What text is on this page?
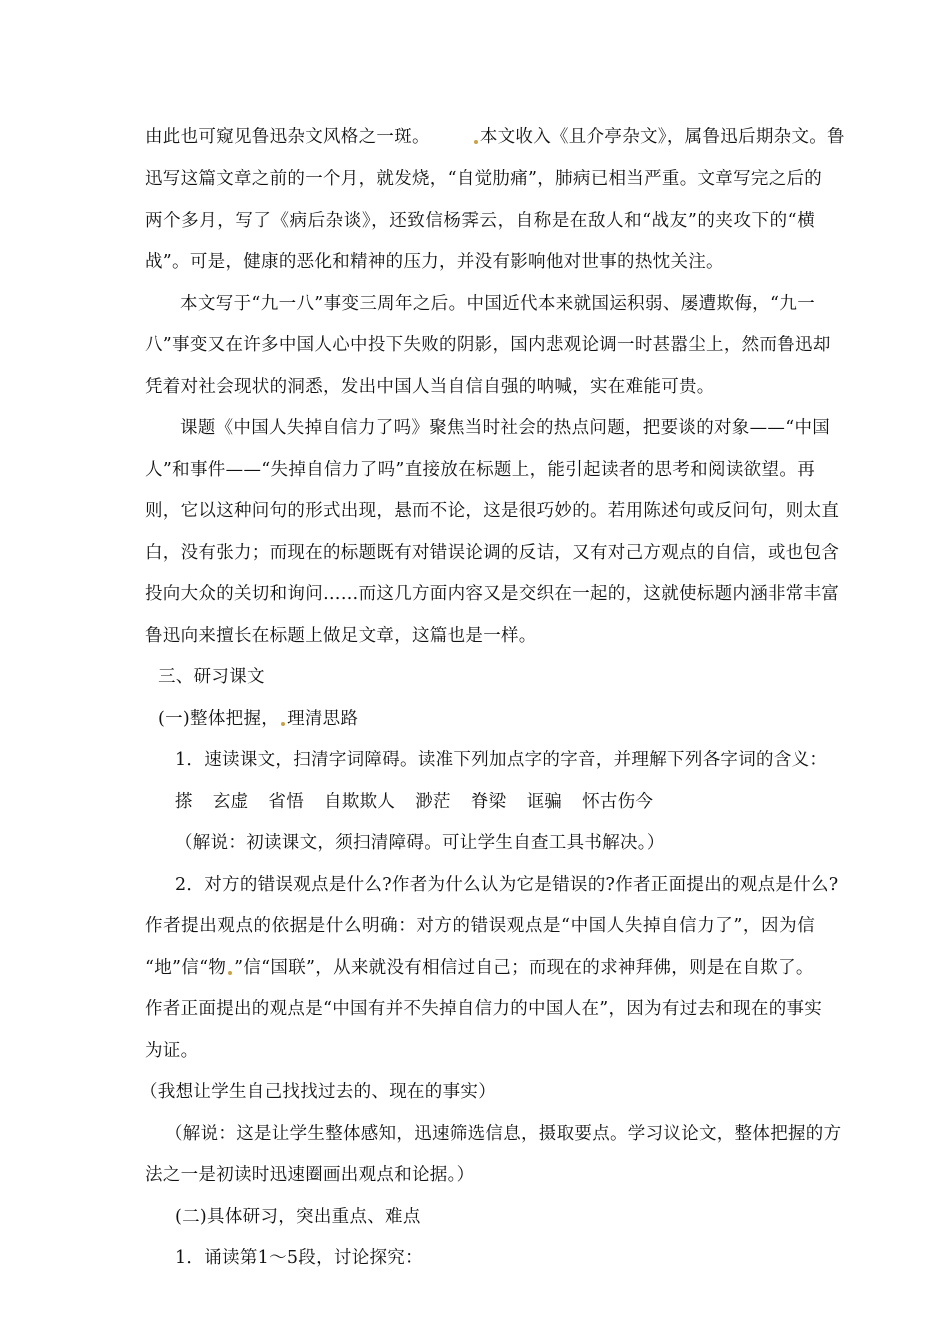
由此也可窥见鲁迅杂文风格之一斑。	本文收入《且介亭杂文》，属鲁迅后期杂文。鲁
迅写这篇文章之前的一个月，就发烧，“自觉肋痛”，肺病已相当严重。文章写完之后的
两个多月，写了《病后杂谈》，还致信杨霁云，自称是在敌人和“战友”的夹攻下的“横
战”。可是，健康的恶化和精神的压力，并没有影响他对世事的热忱关注。
本文写于“九一八”事变三周年之后。中国近代本来就国运积弱、屡遭欺侮，“九一
八”事变又在许多中国人心中投下失败的阴影，国内悲观论调一时甚嚣尘上，然而鲁迅却
凭着对社会现状的洞悉，发出中国人当自信自强的呐喊，实在难能可贵。
课题《中国人失掉自信力了吗》聚焦当时社会的热点问题，把要谈的对象——“中国
人”和事件——“失掉自信力了吗”直接放在标题上，能引起读者的思考和阅读欲望。再
则，它以这种问句的形式出现，悬而不论，这是很巧妙的。若用陈述句或反问句，则太直
白，没有张力；而现在的标题既有对错误论调的反诘，又有对己方观点的自信，或也包含
投向大众的关切和询问……而这几方面内容又是交织在一起的，这就使标题内涵非常丰富
鲁迅向来擅长在标题上做足文章，这篇也是一样。
三、研习课文
(一)整体把握， 理清思路
1．速读课文，扫清字词障碍。读准下列加点字的字音，并理解下列各字词的含义：
搽 玄虚 省悟 自欺欺人 渺茫 脊梁 诓骗 怀古伤今
（解说：初读课文，须扫清障碍。可让学生自查工具书解决。）
2．对方的错误观点是什么?作者为什么认为它是错误的?作者正面提出的观点是什么?
作者提出观点的依据是什么明确：对方的错误观点是“中国人失掉自信力了”，因为信
“地”信“物 ”信“国联”，从来就没有相信过自己；而现在的求神拜佛，则是在自欺了。
作者正面提出的观点是“中国有并不失掉自信力的中国人在”，因为有过去和现在的事实
为证。
（我想让学生自己找找过去的、现在的事实）
（解说：这是让学生整体感知，迅速筛选信息，摄取要点。学习议论文，整体把握的方
法之一是初读时迅速圈画出观点和论据。）
(二)具体研习，突出重点、难点
1．诵读第1～5段，讨论探究：
